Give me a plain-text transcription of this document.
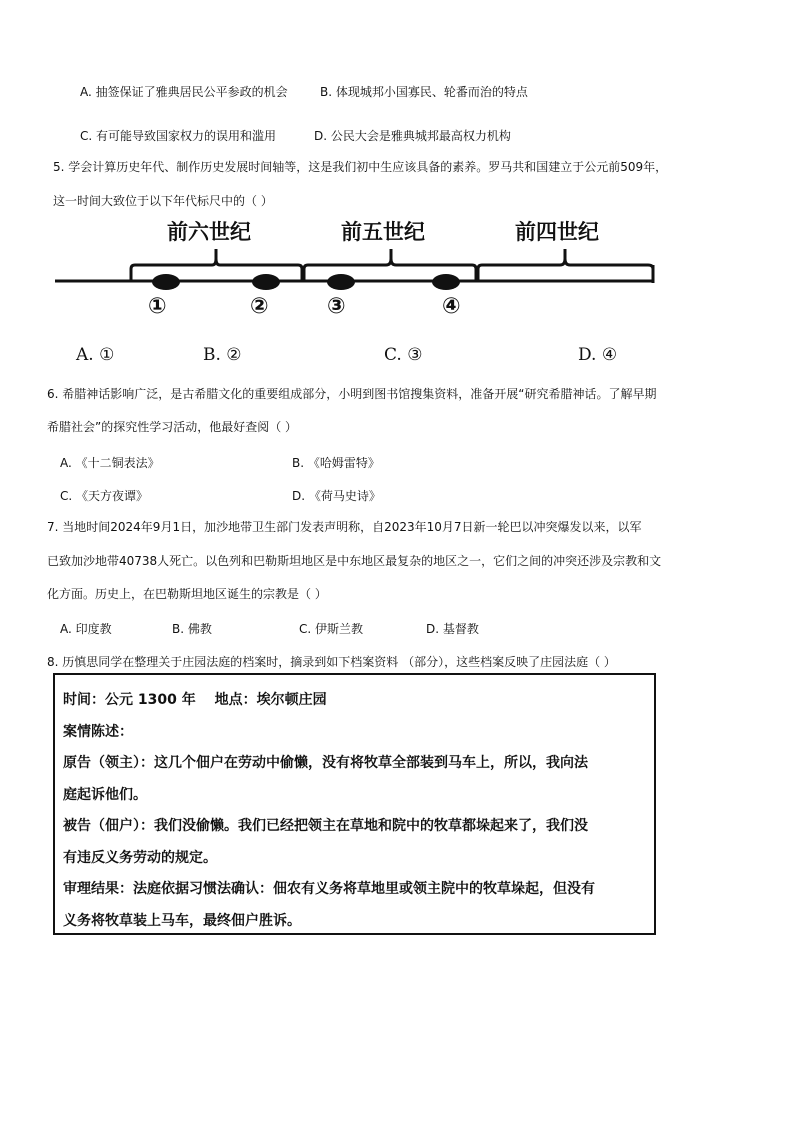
A. 抽签保证了雅典居民公平参政的机会	B. 体现城邦小国寡民、轮番而治的特点
C. 有可能导致国家权力的误用和滥用	D. 公民大会是雅典城邦最高权力机构
5. 学会计算历史年代、制作历史发展时间轴等，这是我们初中生应该具备的素养。罗马共和国建立于公元前509年，
这一时间大致位于以下年代标尺中的（ ）
前六世纪	前五世纪	前四世纪
①	②	③	④
A. ①	B. ②	C. ③	D. ④
6. 希腊神话影响广泛，是古希腊文化的重要组成部分，小明到图书馆搜集资料，准备开展“研究希腊神话。了解早期
希腊社会”的探究性学习活动，他最好查阅（ ）
A. 《十二铜表法》	B. 《哈姆雷特》
C. 《天方夜谭》	D. 《荷马史诗》
7. 当地时间2024年9月1日，加沙地带卫生部门发表声明称，自2023年10月7日新一轮巴以冲突爆发以来，以军
已致加沙地带40738人死亡。以色列和巴勒斯坦地区是中东地区最复杂的地区之一，它们之间的冲突还涉及宗教和文
化方面。历史上，在巴勒斯坦地区诞生的宗教是（ ）
A. 印度教	B. 佛教	C. 伊斯兰教	D. 基督教
8. 历慎思同学在整理关于庄园法庭的档案时，摘录到如下档案资料 （部分），这些档案反映了庄园法庭（ ）
时间：公元 1300 年　 地点：埃尔顿庄园
案情陈述：
原告（领主）：这几个佃户在劳动中偷懒，没有将牧草全部装到马车上，所以，我向法
庭起诉他们。
被告（佃户）：我们没偷懒。我们已经把领主在草地和院中的牧草都垛起来了，我们没
有违反义务劳动的规定。
审理结果：法庭依据习惯法确认：佃农有义务将草地里或领主院中的牧草垛起，但没有
义务将牧草装上马车，最终佃户胜诉。
